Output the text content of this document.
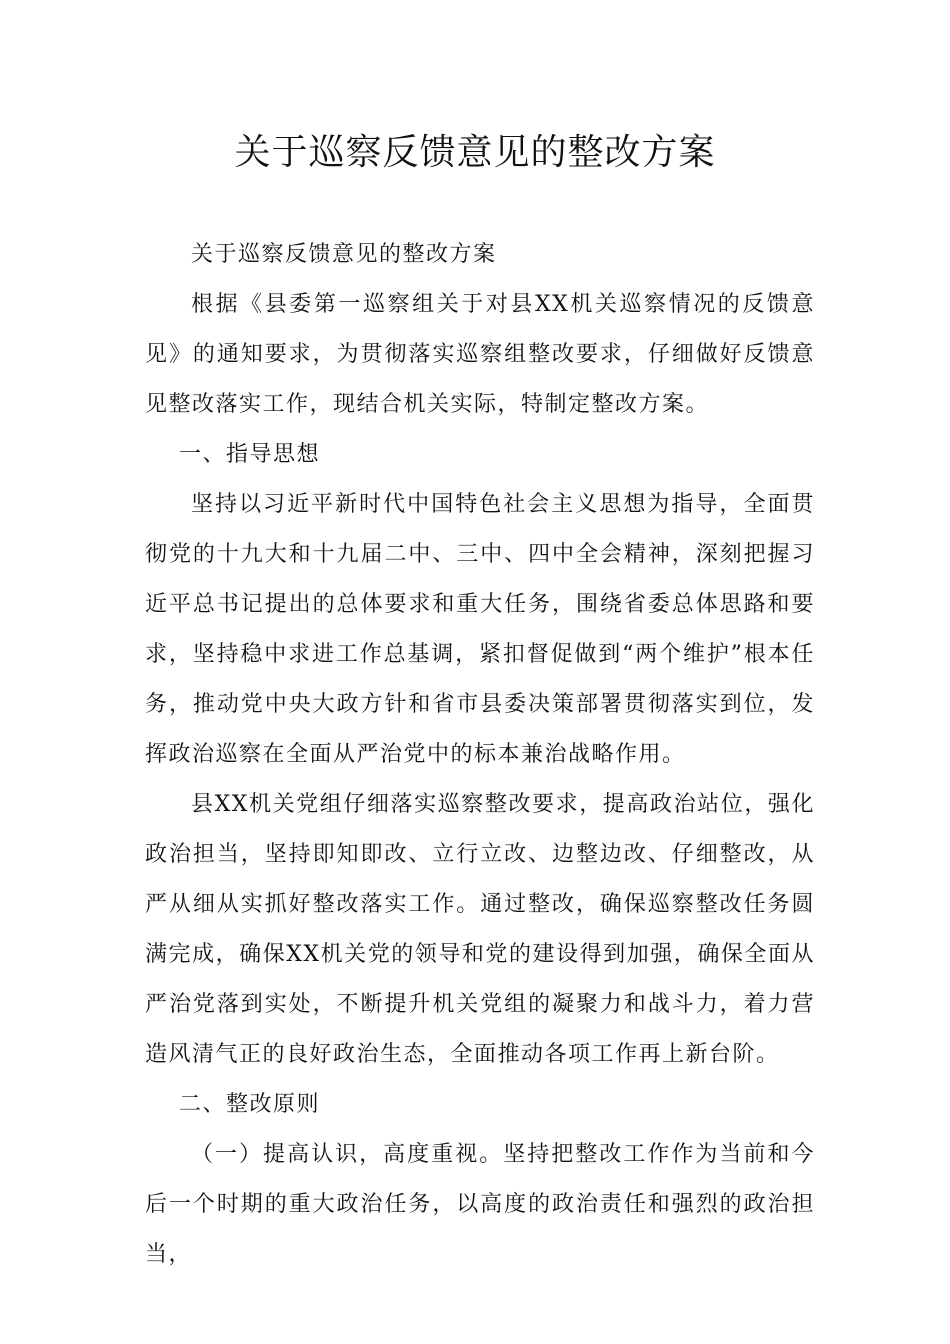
关于巡察反馈意见的整改方案

关于巡察反馈意见的整改方案

根据《县委第一巡察组关于对县XX机关巡察情况的反馈意见》的通知要求，为贯彻落实巡察组整改要求，仔细做好反馈意见整改落实工作，现结合机关实际，特制定整改方案。

一、指导思想

坚持以习近平新时代中国特色社会主义思想为指导，全面贯彻党的十九大和十九届二中、三中、四中全会精神，深刻把握习近平总书记提出的总体要求和重大任务，围绕省委总体思路和要求，坚持稳中求进工作总基调，紧扣督促做到“两个维护”根本任务，推动党中央大政方针和省市县委决策部署贯彻落实到位，发挥政治巡察在全面从严治党中的标本兼治战略作用。

县XX机关党组仔细落实巡察整改要求，提高政治站位，强化政治担当，坚持即知即改、立行立改、边整边改、仔细整改，从严从细从实抓好整改落实工作。通过整改，确保巡察整改任务圆满完成，确保XX机关党的领导和党的建设得到加强，确保全面从严治党落到实处，不断提升机关党组的凝聚力和战斗力，着力营造风清气正的良好政治生态，全面推动各项工作再上新台阶。

二、整改原则

（一）提高认识，高度重视。坚持把整改工作作为当前和今后一个时期的重大政治任务，以高度的政治责任和强烈的政治担当，
